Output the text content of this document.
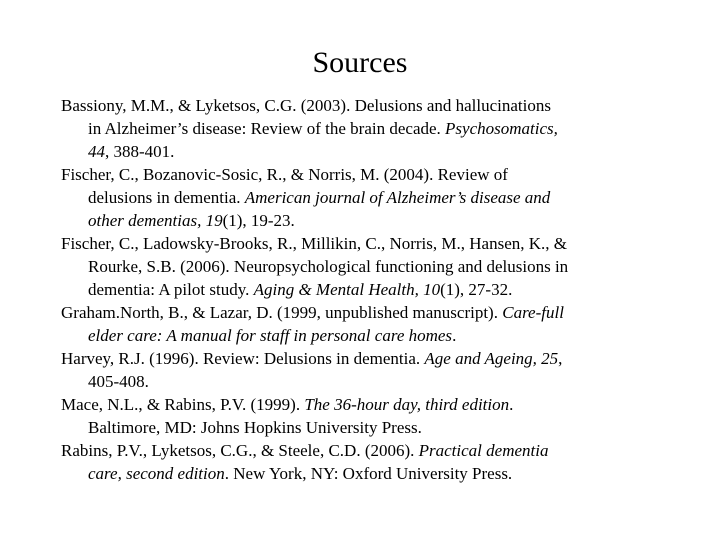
Sources
Bassiony, M.M., & Lyketsos, C.G. (2003). Delusions and hallucinations
in Alzheimer’s disease: Review of the brain decade. Psychosomatics,
44, 388-401.
Fischer, C., Bozanovic-Sosic, R., & Norris, M. (2004). Review of
delusions in dementia. American journal of Alzheimer’s disease and
other dementias, 19(1), 19-23.
Fischer, C., Ladowsky-Brooks, R., Millikin, C., Norris, M., Hansen, K., &
Rourke, S.B. (2006). Neuropsychological functioning and delusions in
dementia: A pilot study. Aging & Mental Health, 10(1), 27-32.
Graham.North, B., & Lazar, D. (1999, unpublished manuscript). Care-full
elder care: A manual for staff in personal care homes.
Harvey, R.J. (1996). Review: Delusions in dementia. Age and Ageing, 25,
405-408.
Mace, N.L., & Rabins, P.V. (1999). The 36-hour day, third edition.
Baltimore, MD: Johns Hopkins University Press.
Rabins, P.V., Lyketsos, C.G., & Steele, C.D. (2006). Practical dementia
care, second edition. New York, NY: Oxford University Press.
